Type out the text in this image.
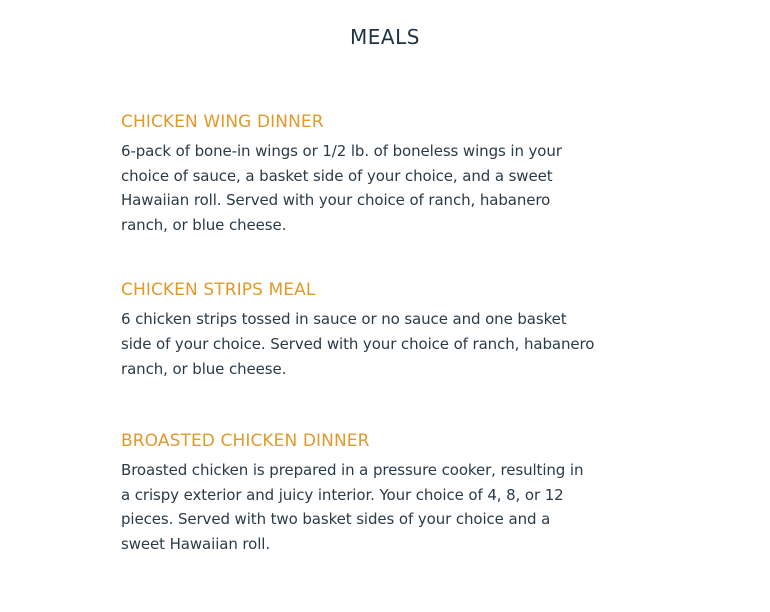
MEALS
CHICKEN WING DINNER

6-pack of bone-in wings or 1/2 lb. of boneless wings in your choice of sauce, a basket side of your choice, and a sweet Hawaiian roll. Served with your choice of ranch, habanero ranch, or blue cheese.

CHICKEN STRIPS MEAL

6 chicken strips tossed in sauce or no sauce and one basket side of your choice. Served with your choice of ranch, habanero ranch, or blue cheese.

BROASTED CHICKEN DINNER

Broasted chicken is prepared in a pressure cooker, resulting in a crispy exterior and juicy interior. Your choice of 4, 8, or 12 pieces. Served with two basket sides of your choice and a sweet Hawaiian roll.
